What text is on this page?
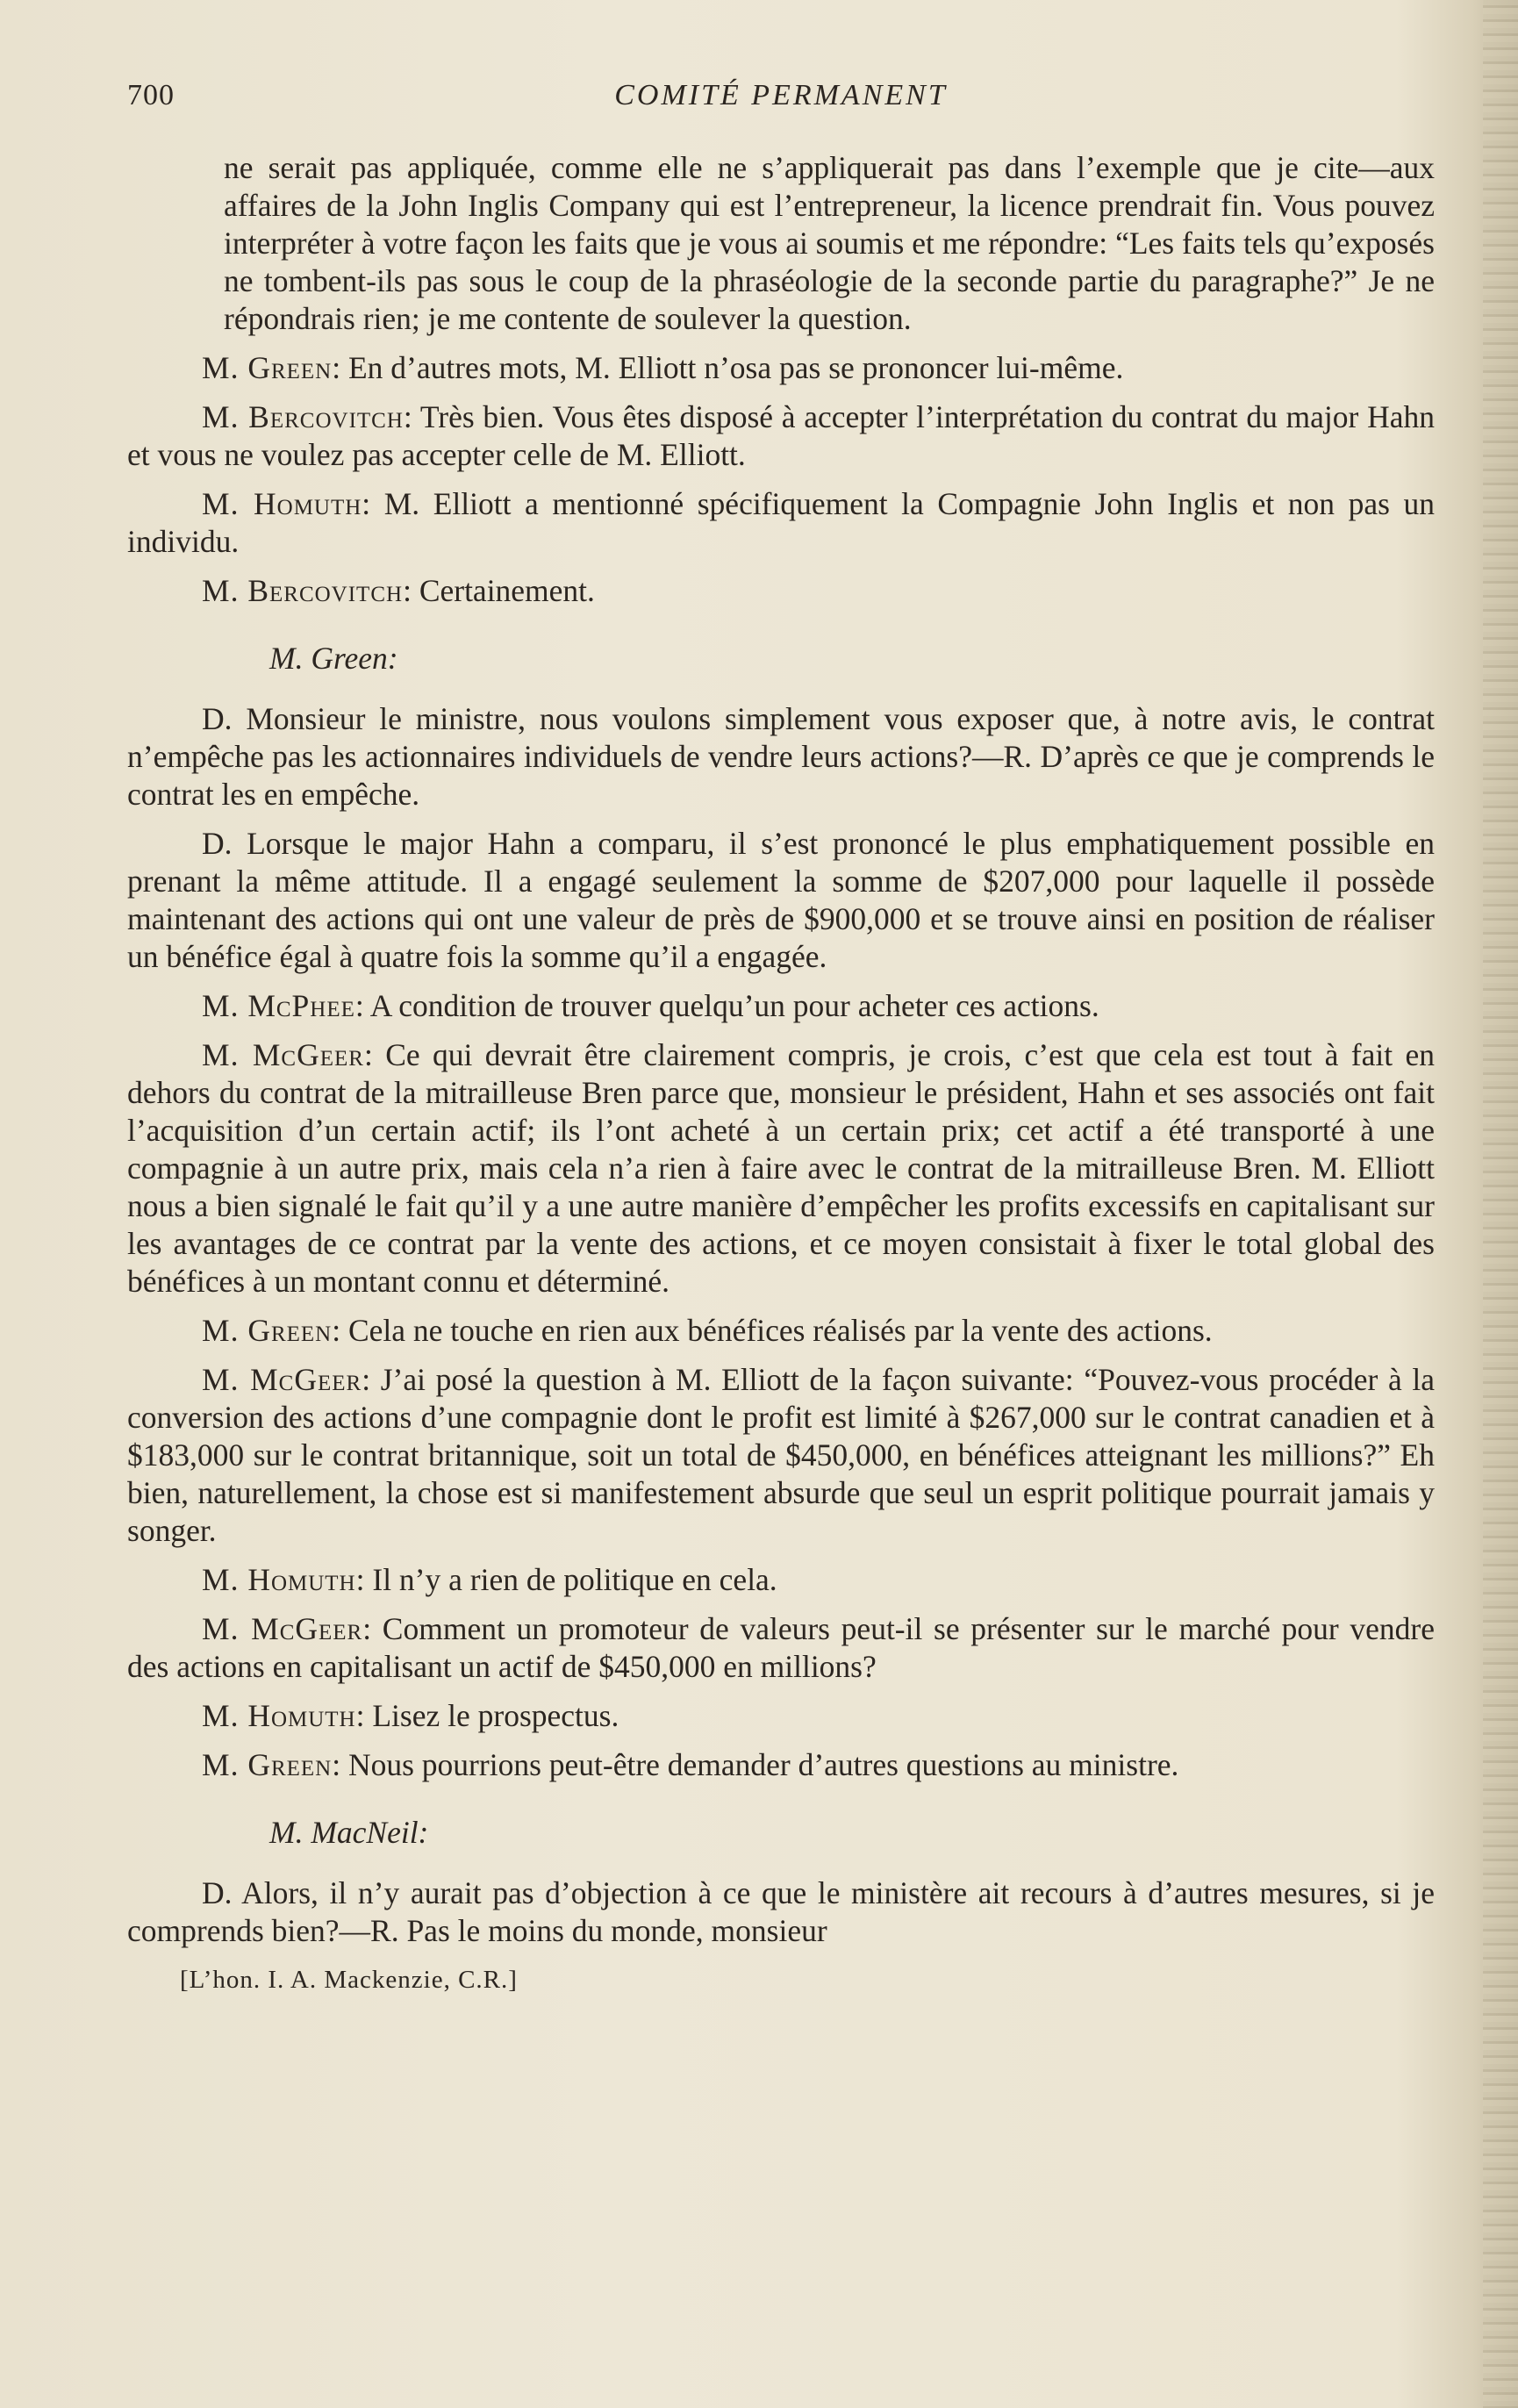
700	COMITÉ PERMANENT

ne serait pas appliquée, comme elle ne s’appliquerait pas dans l’exemple que je cite—aux affaires de la John Inglis Company qui est l’entrepreneur, la licence prendrait fin. Vous pouvez interpréter à votre façon les faits que je vous ai soumis et me répondre: “Les faits tels qu’exposés ne tombent-ils pas sous le coup de la phraséologie de la seconde partie du paragraphe?” Je ne répondrais rien; je me contente de soulever la question.

M. Green: En d’autres mots, M. Elliott n’osa pas se prononcer lui-même.

M. Bercovitch: Très bien. Vous êtes disposé à accepter l’interprétation du contrat du major Hahn et vous ne voulez pas accepter celle de M. Elliott.

M. Homuth: M. Elliott a mentionné spécifiquement la Compagnie John Inglis et non pas un individu.

M. Bercovitch: Certainement.

M. Green:

D. Monsieur le ministre, nous voulons simplement vous exposer que, à notre avis, le contrat n’empêche pas les actionnaires individuels de vendre leurs actions?—R. D’après ce que je comprends le contrat les en empêche.

D. Lorsque le major Hahn a comparu, il s’est prononcé le plus emphatiquement possible en prenant la même attitude. Il a engagé seulement la somme de $207,000 pour laquelle il possède maintenant des actions qui ont une valeur de près de $900,000 et se trouve ainsi en position de réaliser un bénéfice égal à quatre fois la somme qu’il a engagée.

M. McPhee: A condition de trouver quelqu’un pour acheter ces actions.

M. McGeer: Ce qui devrait être clairement compris, je crois, c’est que cela est tout à fait en dehors du contrat de la mitrailleuse Bren parce que, monsieur le président, Hahn et ses associés ont fait l’acquisition d’un certain actif; ils l’ont acheté à un certain prix; cet actif a été transporté à une compagnie à un autre prix, mais cela n’a rien à faire avec le contrat de la mitrailleuse Bren. M. Elliott nous a bien signalé le fait qu’il y a une autre manière d’empêcher les profits excessifs en capitalisant sur les avantages de ce contrat par la vente des actions, et ce moyen consistait à fixer le total global des bénéfices à un montant connu et déterminé.

M. Green: Cela ne touche en rien aux bénéfices réalisés par la vente des actions.

M. McGeer: J’ai posé la question à M. Elliott de la façon suivante: “Pouvez-vous procéder à la conversion des actions d’une compagnie dont le profit est limité à $267,000 sur le contrat canadien et à $183,000 sur le contrat britannique, soit un total de $450,000, en bénéfices atteignant les millions?” Eh bien, naturellement, la chose est si manifestement absurde que seul un esprit politique pourrait jamais y songer.

M. Homuth: Il n’y a rien de politique en cela.

M. McGeer: Comment un promoteur de valeurs peut-il se présenter sur le marché pour vendre des actions en capitalisant un actif de $450,000 en millions?

M. Homuth: Lisez le prospectus.

M. Green: Nous pourrions peut-être demander d’autres questions au ministre.

M. MacNeil:

D. Alors, il n’y aurait pas d’objection à ce que le ministère ait recours à d’autres mesures, si je comprends bien?—R. Pas le moins du monde, monsieur

[L’hon. I. A. Mackenzie, C.R.]
